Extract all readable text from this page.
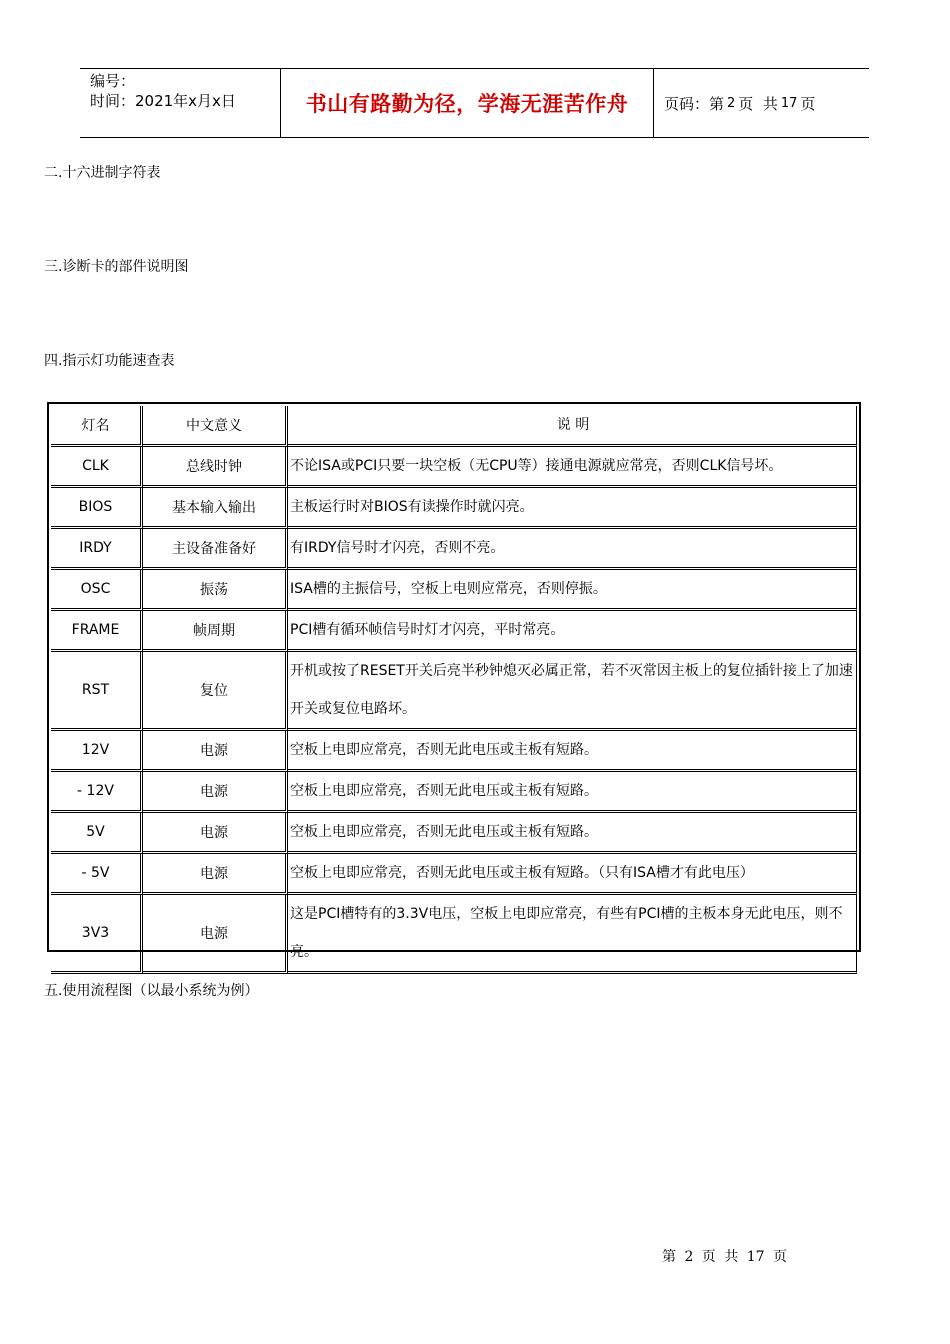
编号：
时间：2021年x月x日	书山有路勤为径，学海无涯苦作舟 页码：第 2 页  共 17 页
二.十六进制字符表
三.诊断卡的部件说明图
四.指示灯功能速查表
灯名	中文意义	说 明
CLK	总线时钟	不论ISA或PCI只要一块空板（无CPU等）接通电源就应常亮，否则CLK信号坏。
BIOS	基本输入输出	主板运行时对BIOS有读操作时就闪亮。
IRDY	主设备准备好	有IRDY信号时才闪亮，否则不亮。
OSC	振荡	ISA槽的主振信号，空板上电则应常亮，否则停振。
FRAME	帧周期	PCI槽有循环帧信号时灯才闪亮，平时常亮。
RST	复位	开机或按了RESET开关后亮半秒钟熄灭必属正常，若不灭常因主板上的复位插针接上了加速开关或复位电路坏。
12V	电源	空板上电即应常亮，否则无此电压或主板有短路。
- 12V	电源	空板上电即应常亮，否则无此电压或主板有短路。
5V	电源	空板上电即应常亮，否则无此电压或主板有短路。
- 5V	电源	空板上电即应常亮，否则无此电压或主板有短路。（只有ISA槽才有此电压）
3V3	电源	这是PCI槽特有的3.3V电压，空板上电即应常亮，有些有PCI槽的主板本身无此电压，则不亮。
五.使用流程图（以最小系统为例）
第 2 页 共 17 页
